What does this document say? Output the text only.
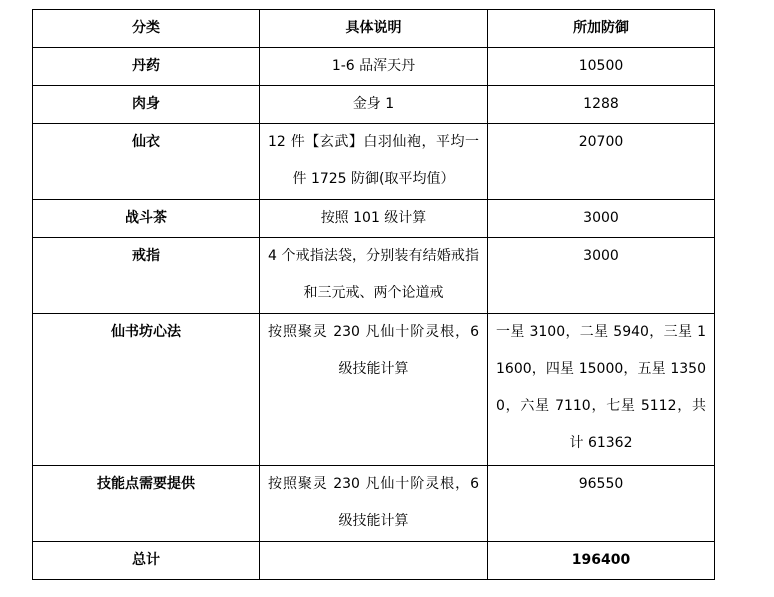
分类	具体说明	所加防御
丹药	1-6 品浑天丹	10500
肉身	金身 1	1288
仙衣	12 件【玄武】白羽仙袍，平均一件 1725 防御(取平均值）	20700
战斗茶	按照 101 级计算	3000
戒指	4 个戒指法袋，分别装有结婚戒指和三元戒、两个论道戒	3000
仙书坊心法	按照聚灵 230 凡仙十阶灵根，6 级技能计算	一星 3100，二星 5940，三星 11600，四星 15000，五星 13500，六星 7110，七星 5112，共计 61362
技能点需要提供	按照聚灵 230 凡仙十阶灵根，6 级技能计算	96550
总计		196400
